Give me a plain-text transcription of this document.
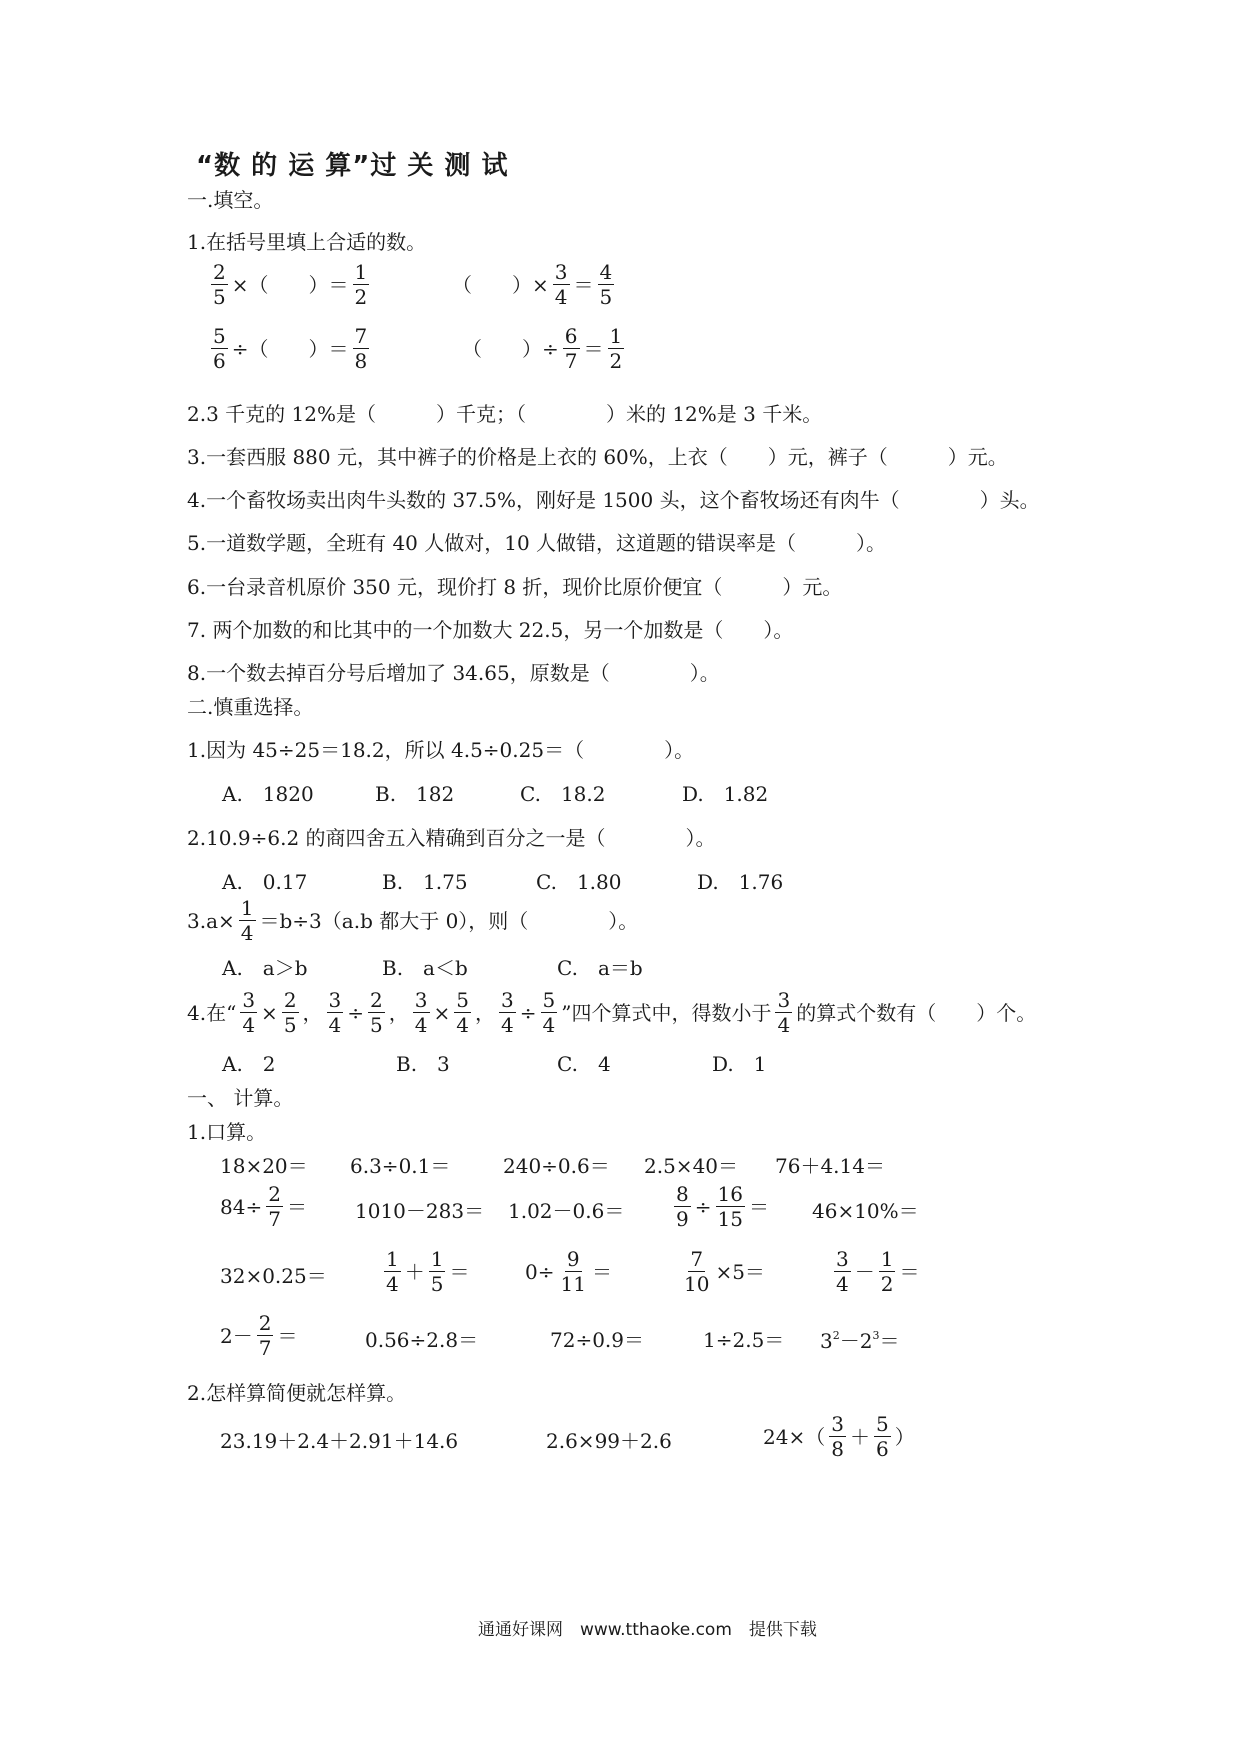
“数 的 运 算”过 关 测 试
一.填空。
1.在括号里填上合适的数。
$\frac{2}{5}$ × （　　） ＝ $\frac{1}{2}$	（　　） × $\frac{3}{4} = \frac{4}{5}$
$\frac{5}{6}$ ÷ （　　） ＝ $\frac{7}{8}$	（　　） ÷ $\frac{6}{7} = \frac{1}{2}$
2.3 千克的 12%是（　　　）千克；（　　　　）米的 12%是 3 千米。
3.一套西服 880 元，其中裤子的价格是上衣的 60%，上衣（　　）元，裤子（　　　）元。
4.一个畜牧场卖出肉牛头数的 37.5%，刚好是 1500 头，这个畜牧场还有肉牛（　　　　）头。
5.一道数学题，全班有 40 人做对，10 人做错，这道题的错误率是（　　　）。
6.一台录音机原价 350 元，现价打 8 折，现价比原价便宜（　　　）元。
7. 两个加数的和比其中的一个加数大 22.5，另一个加数是（　　）。
8.一个数去掉百分号后增加了 34.65，原数是（　　　　）。
二.慎重选择。
1.因为 45÷25＝18.2，所以 4.5÷0.25＝（　　　　）。
A.　1820	B.　182	C.　18.2	D.　1.82
2.10.9÷6.2 的商四舍五入精确到百分之一是（　　　　）。
A.　0.17	B.　1.75	C.　1.80	D.　1.76
$3.a\times \frac{1}{4} =b\div 3(a.b$ 都大于 0），则（　　　　）。
A.　a＞b	B.　a＜b	C.　a＝b
4.在“ $\frac{3}{4} \times \frac{2}{5}$ ， $\frac{3}{4} \div \frac{2}{5}$ ， $\frac{3}{4} \times \frac{5}{4}$ ， $\frac{3}{4} \div \frac{5}{4}$ ”四个算式中，得数小于 $\frac{3}{4}$ 的算式个数有（　　）个。
A.　2	B.　3	C.　4	D.　1
一、 计算。
1.口算。
18×20＝ 6.3÷0.1＝	240÷0.6＝ 2.5×40＝ 76＋4.14＝
$84\div \frac{2}{7} = 1010-283= 1.02-0.6= \frac{8}{9} \div \frac{16}{15} = 46\times 10\%=$
32×0.25＝	$\frac{1}{4} + \frac{1}{5}$ ＝	$0\div \frac{9}{11}$ ＝	$\frac{7}{10} \times 5=$	$\frac{3}{4} - \frac{1}{2}$ ＝
$2- \frac{2}{7}$ ＝	0.56÷2.8＝	72÷0.9＝	$1\div 2.5= 3^2-2^3=$
2.怎样算简便就怎样算。
23.19＋2.4＋2.91＋14.6	2.6×99＋2.6	$24\times( \frac{3}{8} + \frac{5}{6}$ ）
通通好课网　www.tthaoke.com　提供下载
